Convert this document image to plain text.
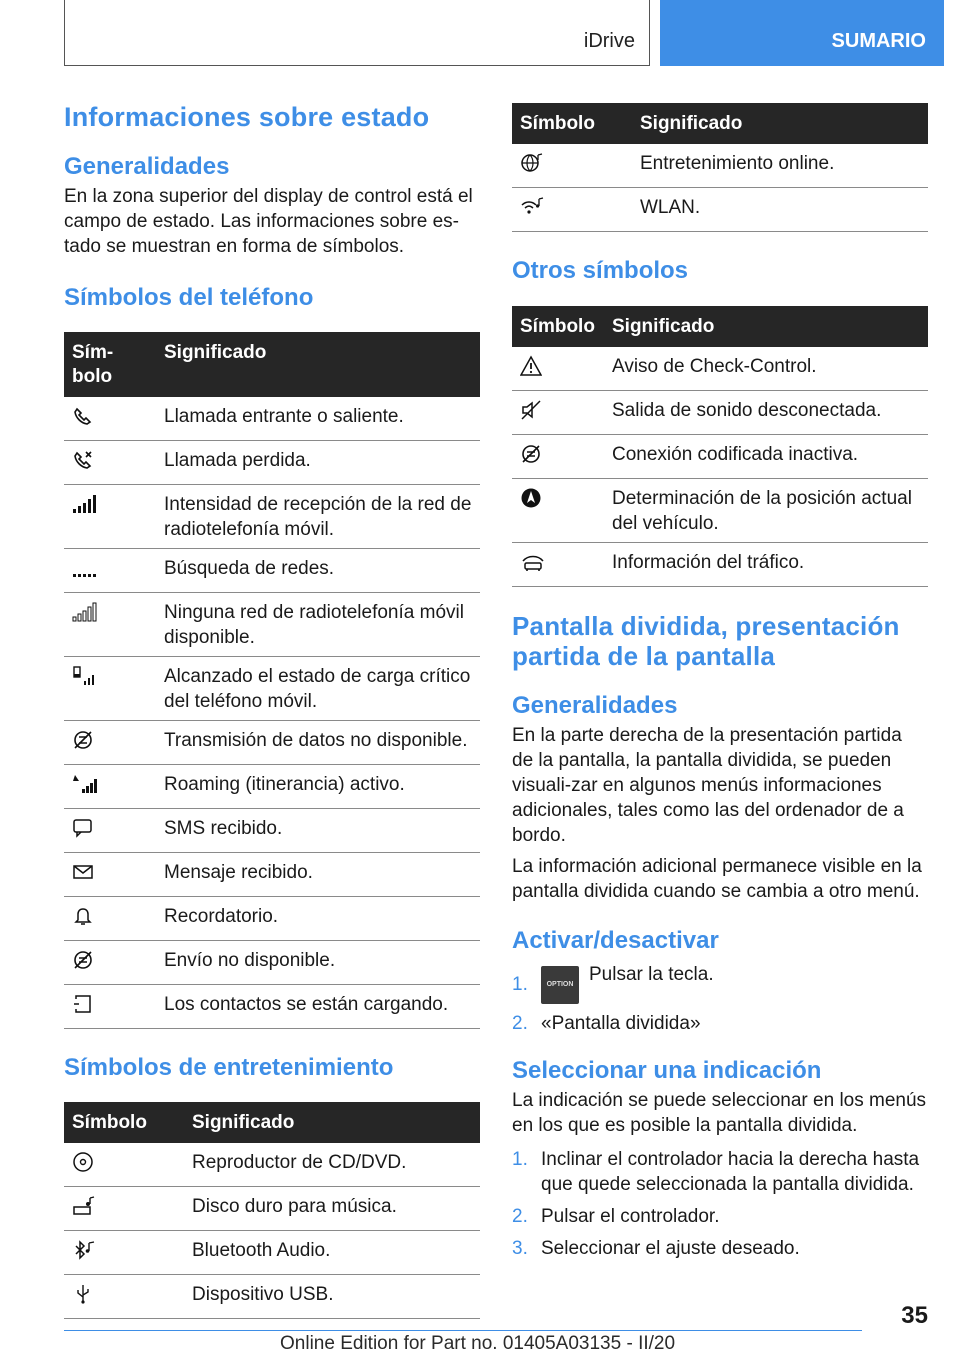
iDrive	SUMARIO
Informaciones sobre estado
Generalidades

En la zona superior del display de control está el campo de estado. Las informaciones sobre es‐tado se muestran en forma de símbolos.

Símbolos del teléfono
Sím‐bolo	Significado

	Llamada entrante o saliente.

	Llamada perdida.

	Intensidad de recepción de la red de radiotelefonía móvil.

	Búsqueda de redes.

	Ninguna red de radiotelefonía móvil disponible.

	Alcanzado el estado de carga crítico del teléfono móvil.

	Transmisión de datos no disponible.

	Roaming (itinerancia) activo.

	SMS recibido.

	Mensaje recibido.

	Recordatorio.

	Envío no disponible.

	Los contactos se están cargando.
Símbolos de entretenimiento
Símbolo	Significado

	Reproductor de CD/DVD.

	Disco duro para música.

	Bluetooth Audio.

	Dispositivo USB.
Símbolo	Significado

	Entretenimiento online.

	WLAN.
Otros símbolos
Símbolo	Significado

	Aviso de Check-Control.

	Salida de sonido desconectada.

	Conexión codificada inactiva.

	Determinación de la posición actual del vehículo.

	Información del tráfico.
Pantalla dividida, presentación partida de la pantalla
Generalidades

En la parte derecha de la presentación partida de la pantalla, la pantalla dividida, se pueden visuali‐zar en algunos menús informaciones adicionales, tales como las del ordenador de a bordo.

La información adicional permanece visible en la pantalla dividida cuando se cambia a otro menú.

Activar/desactivar
1.	OPTION Pulsar la tecla.
2. «Pantalla dividida»
Seleccionar una indicación

La indicación se puede seleccionar en los menús en los que es posible la pantalla dividida.

1. Inclinar el controlador hacia la derecha hasta que quede seleccionada la pantalla dividida.
2. Pulsar el controlador.
3. Seleccionar el ajuste deseado.
35
Online Edition for Part no. 01405A03135 - II/20
